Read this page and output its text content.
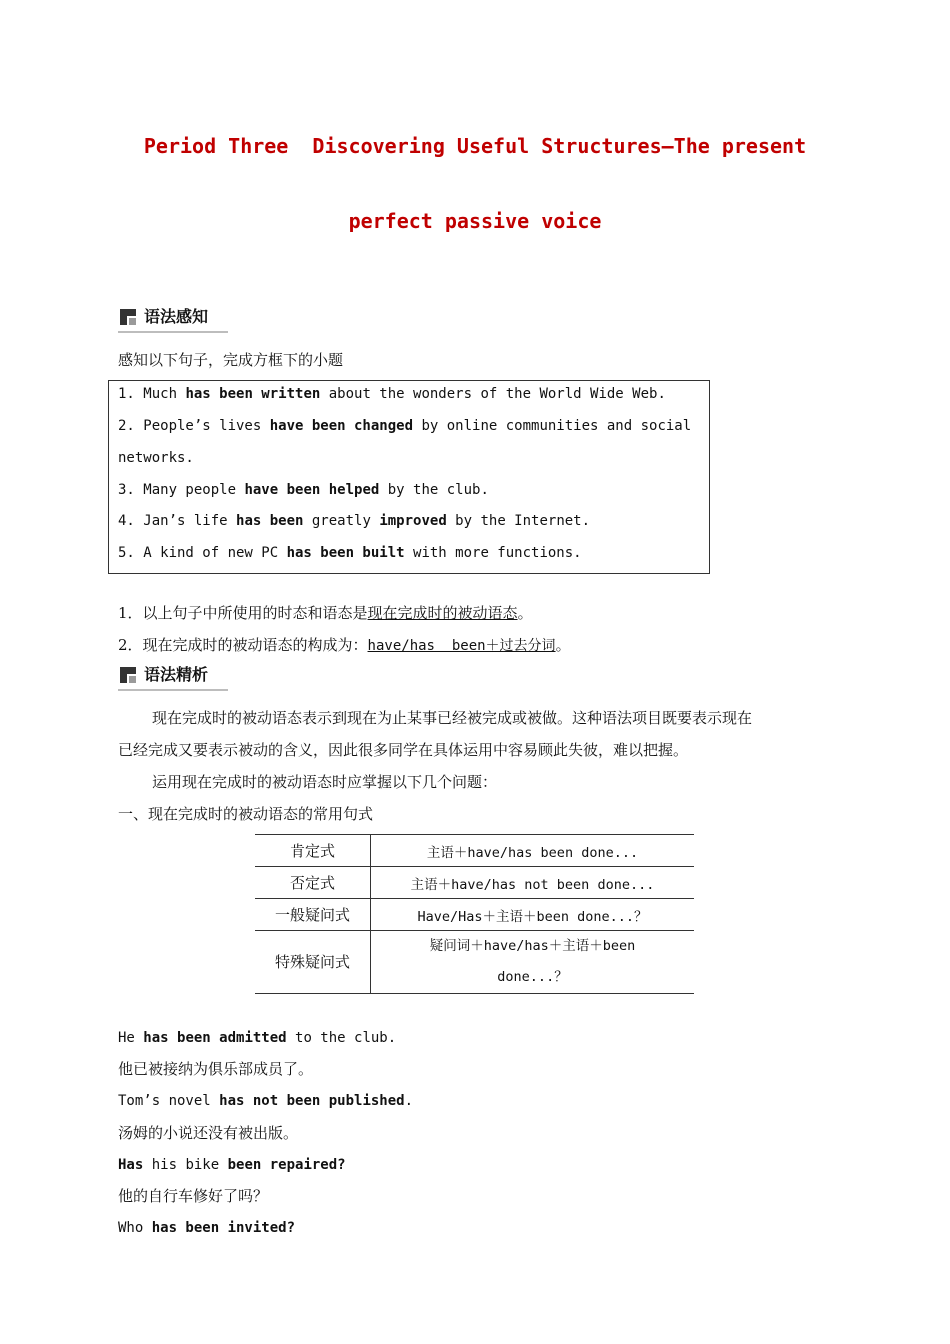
Period Three  Discovering Useful Structures—The present
perfect passive voice
语法感知
感知以下句子，完成方框下的小题
1. Much has been written about the wonders of the World Wide Web.
2. People’s lives have been changed by online communities and social
networks.
3. Many people have been helped by the club.
4. Jan’s life has been greatly improved by the Internet.
5. A kind of new PC has been built with more functions.
1．以上句子中所使用的时态和语态是现在完成时的被动语态。
2．现在完成时的被动语态的构成为：have/has  been＋过去分词。
语法精析
现在完成时的被动语态表示到现在为止某事已经被完成或被做。这种语法项目既要表示现在
已经完成又要表示被动的含义，因此很多同学在具体运用中容易顾此失彼，难以把握。
运用现在完成时的被动语态时应掌握以下几个问题：
一、现在完成时的被动语态的常用句式
肯定式	主语＋have/has been done...
否定式	主语＋have/has not been done...
一般疑问式	Have/Has＋主语＋been done...？
特殊疑问式	疑问词＋have/has＋主语＋been
done...？
He has been admitted to the club.
他已被接纳为俱乐部成员了。
Tom’s novel has not been published.
汤姆的小说还没有被出版。
Has his bike been repaired?
他的自行车修好了吗？
Who has been invited?
